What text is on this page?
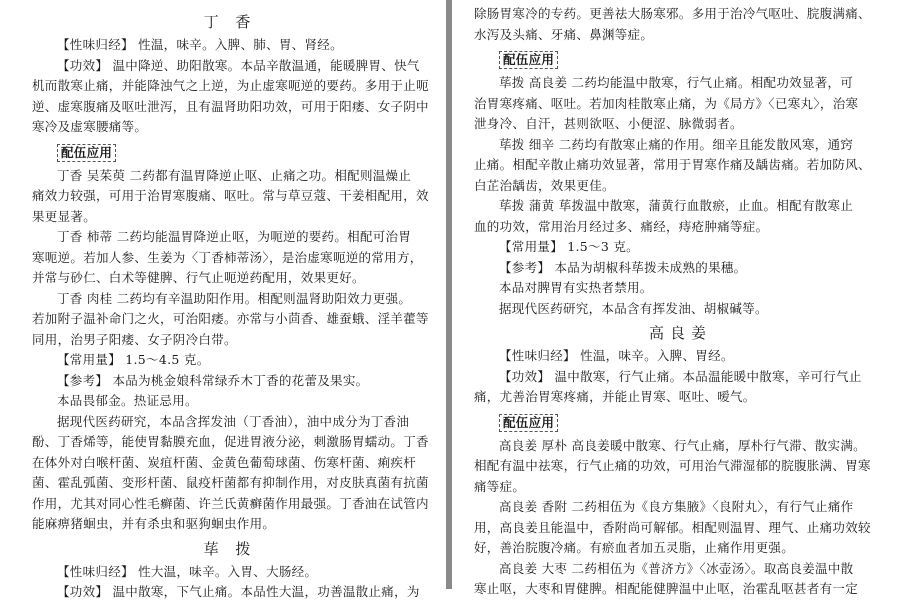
丁 香
【性味归经】 性温，味辛。入脾、肺、胃、肾经。
【功效】 温中降逆、助阳散寒。本品辛散温通，能暖脾胃、快气
机而散寒止痛，并能降浊气之上逆，为止虚寒呃逆的要药。多用于止呃
逆、虚寒腹痛及呕吐泄泻，且有温肾助阳功效，可用于阳痿、女子阴中
寒冷及虚寒腰痛等。
配伍应用
丁香 吴茱萸 二药都有温胃降逆止呕、止痛之功。相配则温燥止
痛效力较强，可用于治胃寒腹痛、呕吐。常与草豆蔻、干姜相配用，效
果更显著。
丁香 柿蒂 二药均能温胃降逆止呕，为呃逆的要药。相配可治胃
寒呃逆。若加人参、生姜为〈丁香柿蒂汤〉，是治虚寒呃逆的常用方，
并常与砂仁、白术等健脾、行气止呃逆药配用，效果更好。
丁香 肉桂 二药均有辛温助阳作用。相配则温肾助阳效力更强。
若加附子温补命门之火，可治阳痿。亦常与小茴香、雄蚕蛾、淫羊藿等
同用，治男子阳痿、女子阴冷白带。
【常用量】 1.5～4.5 克。
【参考】 本品为桃金娘科常绿乔木丁香的花蕾及果实。
本品畏郁金。热证忌用。
据现代医药研究，本品含挥发油（丁香油），油中成分为丁香油
酚、丁香烯等，能使胃黏膜充血，促进胃液分泌，刺激肠胃蠕动。丁香
在体外对白喉杆菌、炭疽杆菌、金黄色葡萄球菌、伤寒杆菌、痢疾杆
菌、霍乱弧菌、变形杆菌、鼠疫杆菌都有抑制作用，对皮肤真菌有抗菌
作用，尤其对同心性毛癣菌、许兰氏黄癣菌作用最强。丁香油在试管内
能麻痹猪蛔虫，并有杀虫和驱狗蛔虫作用。
荜 拨
【性味归经】 性大温，味辛。入胃、大肠经。
【功效】 温中散寒，下气止痛。本品性大温，功善温散止痛，为
除肠胃寒冷的专药。更善祛大肠寒邪。多用于治冷气呕吐、脘腹满痛、
水泻及头痛、牙痛、鼻渊等症。
配伍应用
荜拨 高良姜 二药均能温中散寒，行气止痛。相配功效显著，可
治胃寒疼痛、呕吐。若加肉桂散寒止痛，为《局方》〈已寒丸〉，治寒
泄身冷、自汗，甚则欲呕、小便涩、脉微弱者。
荜拨 细辛 二药均有散寒止痛的作用。细辛且能发散风寒，通窍
止痛。相配辛散止痛功效显著，常用于胃寒作痛及龋齿痛。若加防风、
白芷治龋齿，效果更佳。
荜拨 蒲黄 荜拨温中散寒，蒲黄行血散瘀，止血。相配有散寒止
血的功效，常用治月经过多、痛经，痔疮肿痛等症。
【常用量】 1.5～3 克。
【参考】 本品为胡椒科荜拨未成熟的果穗。
本品对脾胃有实热者禁用。
据现代医药研究，本品含有挥发油、胡椒碱等。
高良姜
【性味归经】 性温，味辛。入脾、胃经。
【功效】 温中散寒，行气止痛。本品温能暖中散寒，辛可行气止
痛，尤善治胃寒疼痛，并能止胃寒、呕吐、嗳气。
配伍应用
高良姜 厚朴 高良姜暖中散寒、行气止痛，厚朴行气滞、散实满。
相配有温中祛寒，行气止痛的功效，可用治气滞湿郁的脘腹胀满、胃寒
痛等症。
高良姜 香附 二药相伍为《良方集腋》〈良附丸〉，有行气止痛作
用，高良姜且能温中，香附尚可解郁。相配则温胃、理气、止痛功效较
好，善治脘腹冷痛。有瘀血者加五灵脂，止痛作用更强。
高良姜 大枣 二药相伍为《普济方》〈冰壶汤〉。取高良姜温中散
寒止呕，大枣和胃健脾。相配能健脾温中止呕，治霍乱呕甚者有一定
